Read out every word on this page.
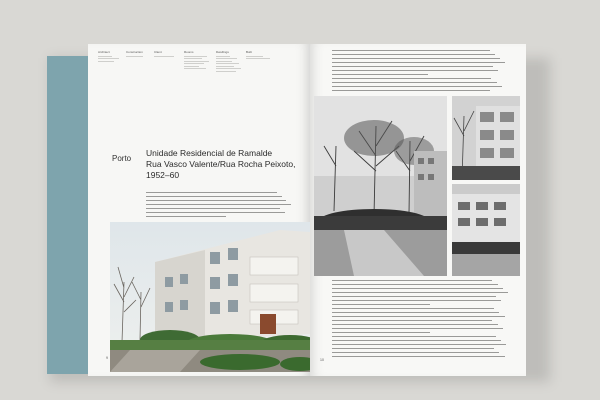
Architect	Construction	Client	Rooms	Dwellings	Built
Porto
Unidade Residencial de Ramalde
Rua Vasco Valente/Rua Rocha Peixoto,
1952–60
9	10
